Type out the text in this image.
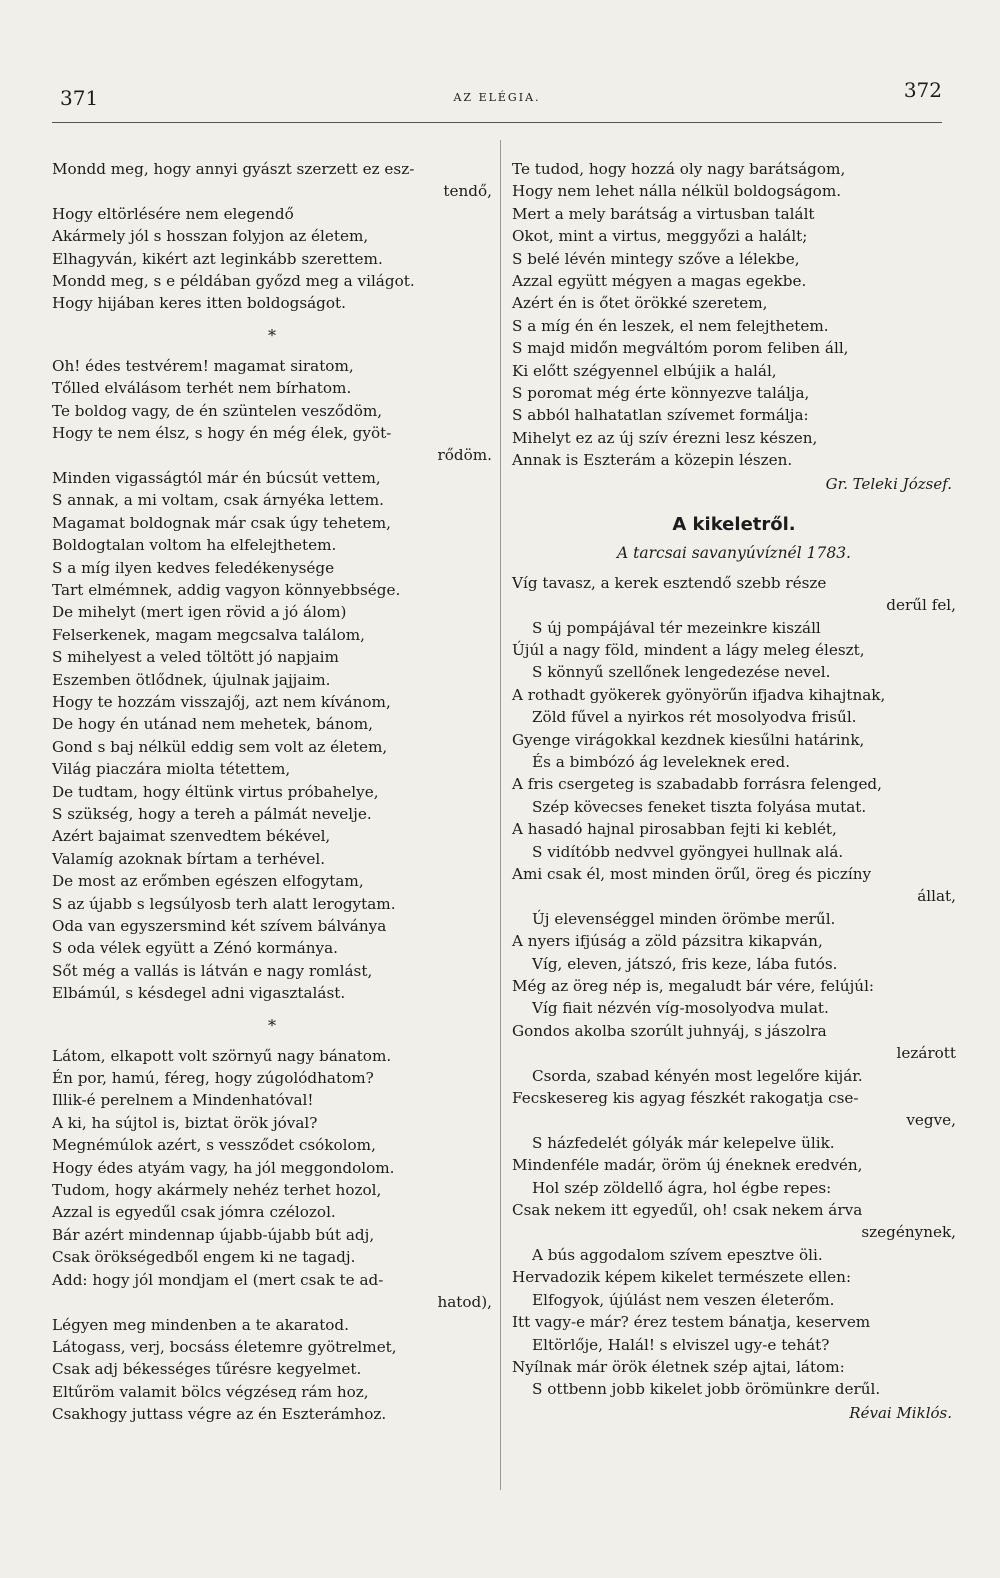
371	AZ ELÉGIA.	372
Mondd meg, hogy annyi gyászt szerzett ez esz-
tendő,
Hogy eltörlésére nem elegendő
Akármely jól s hosszan folyjon az életem,
Elhagyván, kikért azt leginkább szerettem.
Mondd meg, s e példában győzd meg a világot.
Hogy hijában keres itten boldogságot.
*
Oh! édes testvérem! magamat siratom,
Tőlled elválásom terhét nem bírhatom.
Te boldog vagy, de én szüntelen vesződöm,
Hogy te nem élsz, s hogy én még élek, gyöt-
rődöm.
Minden vigasságtól már én búcsút vettem,
S annak, a mi voltam, csak árnyéka lettem.
Magamat boldognak már csak úgy tehetem,
Boldogtalan voltom ha elfelejthetem.
S a míg ilyen kedves feledékenysége
Tart elmémnek, addig vagyon könnyebbsége.
De mihelyt (mert igen rövid a jó álom)
Felserkenek, magam megcsalva találom,
S mihelyest a veled töltött jó napjaim
Eszemben ötlődnek, újulnak jajjaim.
Hogy te hozzám visszajőj, azt nem kívánom,
De hogy én utánad nem mehetek, bánom,
Gond s baj nélkül eddig sem volt az életem,
Világ piaczára miolta tétettem,
De tudtam, hogy éltünk virtus próbahelye,
S szükség, hogy a tereh a pálmát nevelje.
Azért bajaimat szenvedtem békével,
Valamíg azoknak bírtam a terhével.
De most az erőmben egészen elfogytam,
S az újabb s legsúlyosb terh alatt lerogytam.
Oda van egyszersmind két szívem bálványa
S oda vélek együtt a Zénó kormánya.
Sőt még a vallás is látván e nagy romlást,
Elbámúl, s késdegel adni vigasztalást.
*
Látom, elkapott volt szörnyű nagy bánatom.
Én por, hamú, féreg, hogy zúgolódhatom?
Illik-é perelnem a Mindenhatóval!
A ki, ha sújtol is, biztat örök jóval?
Megnémúlok azért, s vessződet csókolom,
Hogy édes atyám vagy, ha jól meggondolom.
Tudom, hogy akármely nehéz terhet hozol,
Azzal is egyedűl csak jómra czélozol.
Bár azért mindennap újabb-újabb bút adj,
Csak örökségedből engem ki ne tagadj.
Add: hogy jól mondjam el (mert csak te ad-
hatod),
Légyen meg mindenben a te akaratod.
Látogass, verj, bocsáss életemre gyötrelmet,
Csak adj békességes tűrésre kegyelmet.
Eltűröm valamit bölcs végzéseд rám hoz,
Csakhogy juttass végre az én Eszterámhoz.
Te tudod, hogy hozzá oly nagy barátságom,
Hogy nem lehet nálla nélkül boldogságom.
Mert a mely barátság a virtusban talált
Okot, mint a virtus, meggyőzi a halált;
S belé lévén mintegy szőve a lélekbe,
Azzal együtt mégyen a magas egekbe.
Azért én is őtet örökké szeretem,
S a míg én én leszek, el nem felejthetem.
S majd midőn megváltóm porom feliben áll,
Ki előtt szégyennel elbújik a halál,
S poromat még érte könnyezve találja,
S abból halhatatlan szívemet formálja:
Mihelyt ez az új szív érezni lesz készen,
Annak is Eszterám a közepin lészen.
Gr. Teleki József.
A kikeletről.
A tarcsai savanyúvíznél 1783.
Víg tavasz, a kerek esztendő szebb része
derűl fel,
S új pompájával tér mezeinkre kiszáll
Újúl a nagy föld, mindent a lágy meleg éleszt,
S könnyű szellőnek lengedezése nevel.
A rothadt gyökerek gyönyörűn ifjadva kihajtnak,
Zöld fűvel a nyirkos rét mosolyodva frisűl.
Gyenge virágokkal kezdnek kiesűlni határink,
És a bimbózó ág leveleknek ered.
A fris csergeteg is szabadabb forrásra felenged,
Szép kövecses feneket tiszta folyása mutat.
A hasadó hajnal pirosabban fejti ki keblét,
S vidítóbb nedvvel gyöngyei hullnak alá.
Ami csak él, most minden örűl, öreg és piczíny
állat,
Új elevenséggel minden örömbe merűl.
A nyers ifjúság a zöld pázsitra kikapván,
Víg, eleven, játszó, fris keze, lába futós.
Még az öreg nép is, megaludt bár vére, felújúl:
Víg fiait nézvén víg-mosolyodva mulat.
Gondos akolba szorúlt juhnyáj, s jászolra
lezárott
Csorda, szabad kényén most legelőre kijár.
Fecskesereg kis agyag fészkét rakogatja cse-
vegve,
S házfedelét gólyák már kelepelve ülik.
Mindenféle madár, öröm új éneknek eredvén,
Hol szép zöldellő ágra, hol égbe repes:
Csak nekem itt egyedűl, oh! csak nekem árva
szegénynek,
A bús aggodalom szívem epesztve öli.
Hervadozik képem kikelet természete ellen:
Elfogyok, újúlást nem veszen életerőm.
Itt vagy-e már? érez testem bánatja, keservem
Eltörlője, Halál! s elviszel ugy-e tehát?
Nyílnak már örök életnek szép ajtai, látom:
S ottbenn jobb kikelet jobb örömünkre derűl.
Révai Miklós.
